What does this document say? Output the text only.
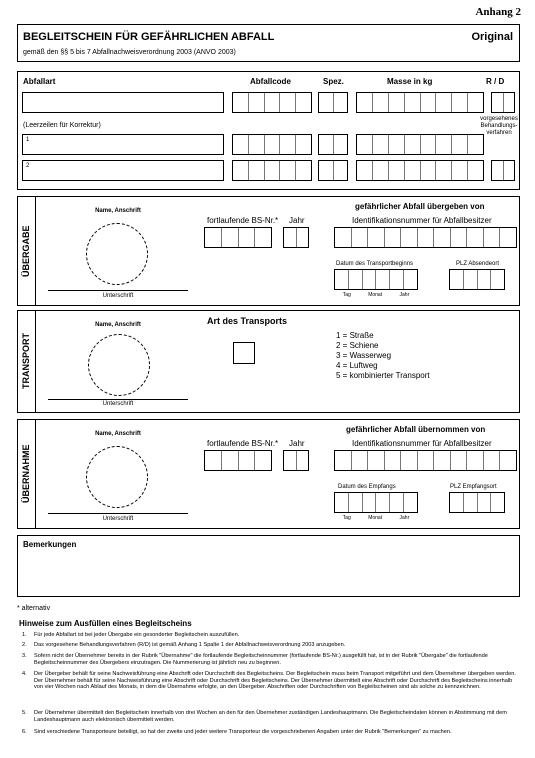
Anhang 2
BEGLEITSCHEIN FÜR GEFÄHRLICHEN ABFALL	Original
gemäß den §§ 5 bis 7 Abfallnachweisverordnung 2003 (ANVO 2003)
Abfallart	Abfallcode	Spez.	Masse in kg	R / D
vorgesehenes Behandlungs- verfahren
(Leerzeilen für Korrektur)
1
2
ÜBERGABE
Name, Anschrift
Unterschrift
gefährlicher Abfall übergeben von
fortlaufende BS-Nr.* Jahr	Identifikationsnummer für Abfallbesitzer
Datum des Transportbeginns	PLZ Absendeort
Tag	Monat	Jahr
TRANSPORT
Name, Anschrift
Unterschrift
Art des Transports
1 = Straße
2 = Schiene
3 = Wasserweg
4 = Luftweg
5 = kombinierter Transport
ÜBERNAHME
Name, Anschrift
Unterschrift
gefährlicher Abfall übernommen von
fortlaufende BS-Nr.* Jahr	Identifikationsnummer für Abfallbesitzer
Datum des Empfangs	PLZ Empfangsort
Tag	Monat	Jahr
Bemerkungen
* alternativ
Hinweise zum Ausfüllen eines Begleitscheins
1. Für jede Abfallart ist bei jeder Übergabe ein gesonderter Begleitschein auszufüllen.
2. Das vorgesehene Behandlungsverfahren (R/D) ist gemäß Anhang 1 Spalte 1 der Abfallnachweisverordnung 2003 anzugeben.
3. Sofern nicht der Übernehmer bereits in der Rubrik "Übernahme" die fortlaufende Begleitscheinnummer (fortlaufende BS-Nr.) ausgefüllt hat, ist in der Rubrik "Übergabe" die fortlaufende Begleitscheinnummer des Übergebers einzutragen. Die Nummerierung ist jährlich neu zu beginnen.
4. Der Übergeber behält für seine Nachweisführung eine Abschrift oder Durchschrift des Begleitscheins. Der Begleitschein muss beim Transport mitgeführt und dem Übernehmer übergeben werden. Der Übernehmer behält für seine Nachweisführung eine Abschrift oder Durchschrift des Begleitscheins. Der Übernehmer übermittelt eine Abschrift oder Durchschrift des Begleitscheins innerhalb von vier Wochen nach Ablauf des Monats, in dem die Übernahme erfolgte, an den Übergeber. Abschriften oder Durchschriften von Begleitscheinen sind als solche zu kennzeichnen.
5. Der Übernehmer übermittelt den Begleitschein innerhalb von drei Wochen an den für den Übernehmer zuständigen Landeshauptmann. Die Begleitscheindaten können in Abstimmung mit dem Landeshauptmann auch elektronisch übermittelt werden.
6. Sind verschiedene Transporteure beteiligt, so hat der zweite und jeder weitere Transporteur die vorgeschriebenen Angaben unter der Rubrik "Bemerkungen" zu machen.
